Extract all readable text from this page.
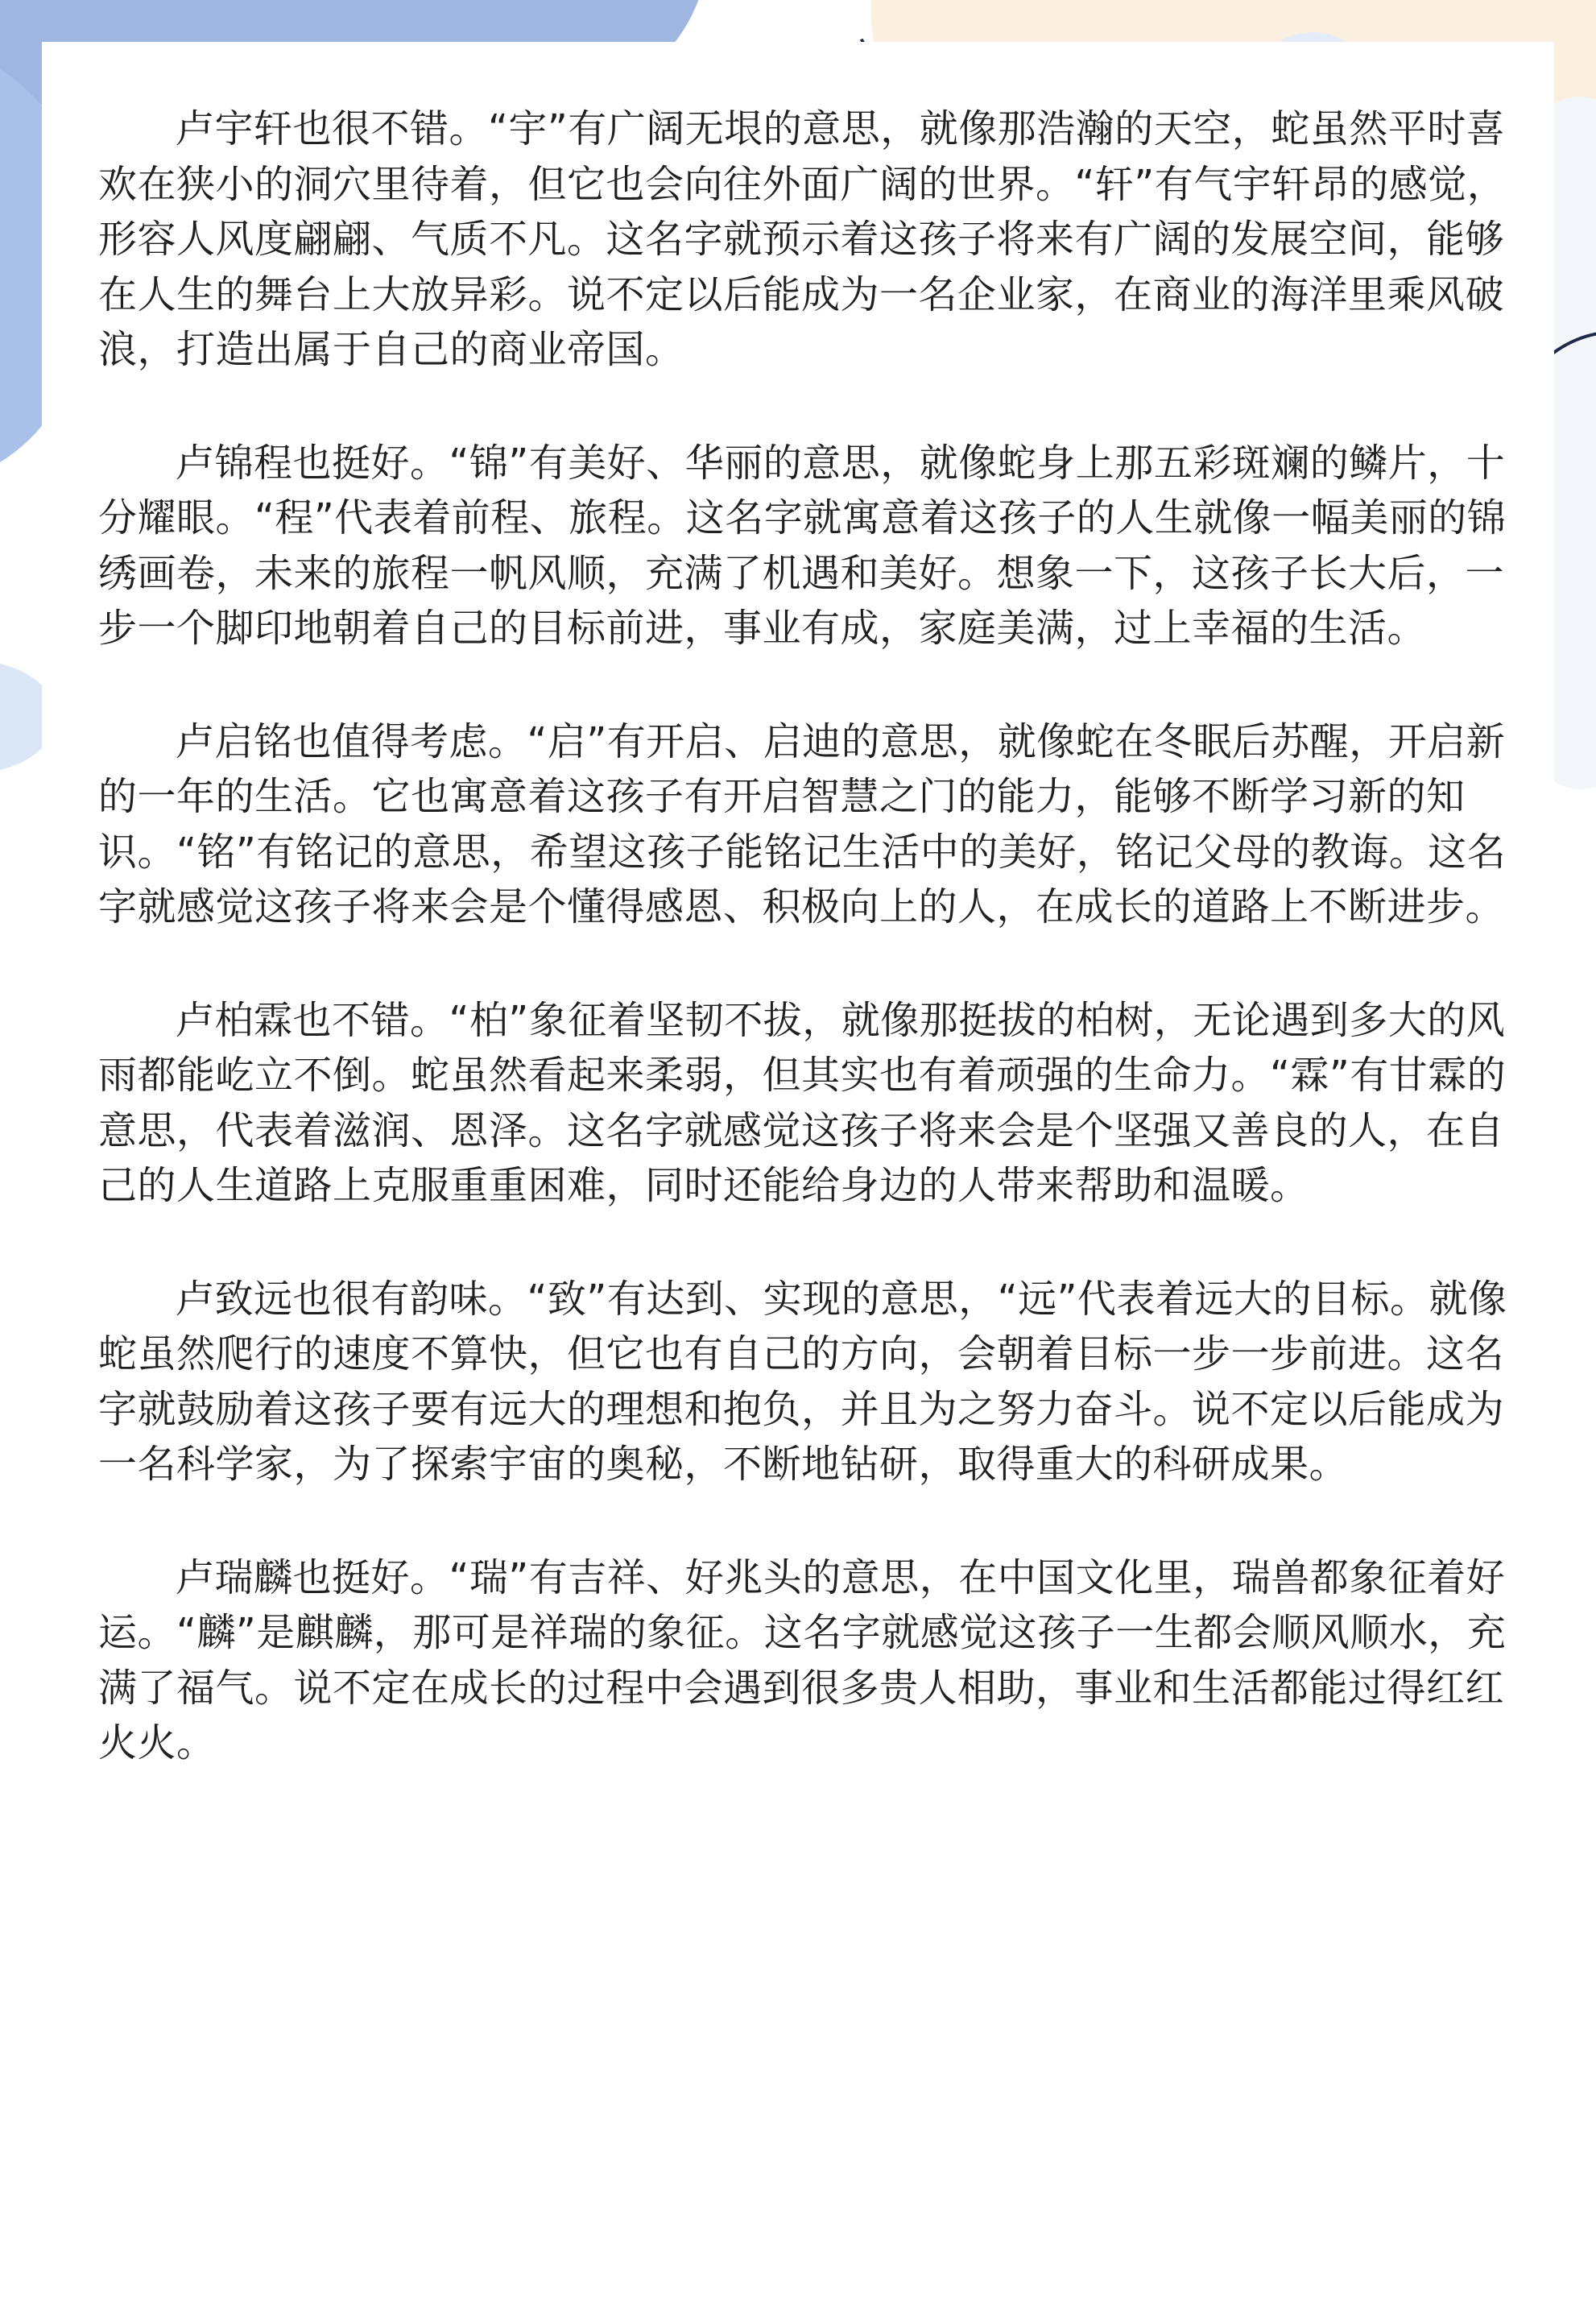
卢宇轩也很不错。“宇”有广阔无垠的意思，就像那浩瀚的天空，蛇虽然平时喜欢在狭小的洞穴里待着，但它也会向往外面广阔的世界。“轩”有气宇轩昂的感觉，形容人风度翩翩、气质不凡。这名字就预示着这孩子将来有广阔的发展空间，能够在人生的舞台上大放异彩。说不定以后能成为一名企业家，在商业的海洋里乘风破浪，打造出属于自己的商业帝国。

卢锦程也挺好。“锦”有美好、华丽的意思，就像蛇身上那五彩斑斓的鳞片，十分耀眼。“程”代表着前程、旅程。这名字就寓意着这孩子的人生就像一幅美丽的锦绣画卷，未来的旅程一帆风顺，充满了机遇和美好。想象一下，这孩子长大后，一步一个脚印地朝着自己的目标前进，事业有成，家庭美满，过上幸福的生活。

卢启铭也值得考虑。“启”有开启、启迪的意思，就像蛇在冬眠后苏醒，开启新的一年的生活。它也寓意着这孩子有开启智慧之门的能力，能够不断学习新的知识。“铭”有铭记的意思，希望这孩子能铭记生活中的美好，铭记父母的教诲。这名字就感觉这孩子将来会是个懂得感恩、积极向上的人，在成长的道路上不断进步。

卢柏霖也不错。“柏”象征着坚韧不拔，就像那挺拔的柏树，无论遇到多大的风雨都能屹立不倒。蛇虽然看起来柔弱，但其实也有着顽强的生命力。“霖”有甘霖的意思，代表着滋润、恩泽。这名字就感觉这孩子将来会是个坚强又善良的人，在自己的人生道路上克服重重困难，同时还能给身边的人带来帮助和温暖。

卢致远也很有韵味。“致”有达到、实现的意思，“远”代表着远大的目标。就像蛇虽然爬行的速度不算快，但它也有自己的方向，会朝着目标一步一步前进。这名字就鼓励着这孩子要有远大的理想和抱负，并且为之努力奋斗。说不定以后能成为一名科学家，为了探索宇宙的奥秘，不断地钻研，取得重大的科研成果。

卢瑞麟也挺好。“瑞”有吉祥、好兆头的意思，在中国文化里，瑞兽都象征着好运。“麟”是麒麟，那可是祥瑞的象征。这名字就感觉这孩子一生都会顺风顺水，充满了福气。说不定在成长的过程中会遇到很多贵人相助，事业和生活都能过得红红火火。
